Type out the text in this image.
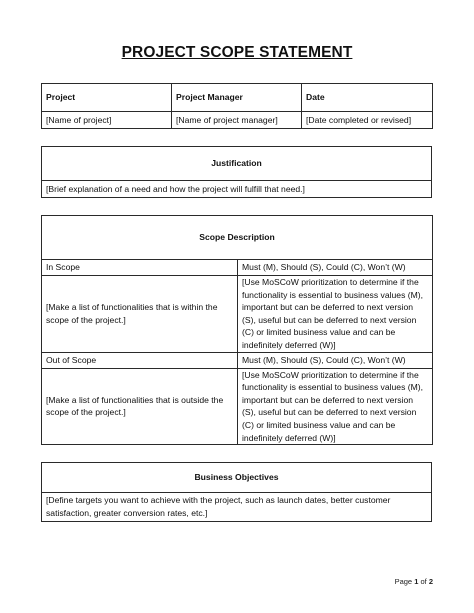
PROJECT SCOPE STATEMENT
Project	Project Manager	Date
[Name of project]	[Name of project manager]	[Date completed or revised]
Justification
[Brief explanation of a need and how the project will fulfill that need.]
Scope Description	
In Scope	Must (M), Should (S), Could (C), Won’t (W)
[Make a list of functionalities that is within the scope of the project.]	[Use MoSCoW prioritization to determine if the functionality is essential to business values (M), important but can be deferred to next version (S), useful but can be deferred to next version (C) or limited business value and can be indefinitely deferred (W)]
Out of Scope	Must (M), Should (S), Could (C), Won’t (W)
[Make a list of functionalities that is outside the scope of the project.]	[Use MoSCoW prioritization to determine if the functionality is essential to business values (M), important but can be deferred to next version (S), useful but can be deferred to next version (C) or limited business value and can be indefinitely deferred (W)]
Business Objectives
[Define targets you want to achieve with the project, such as launch dates, better customer satisfaction, greater conversion rates, etc.]
Page 1 of 2
